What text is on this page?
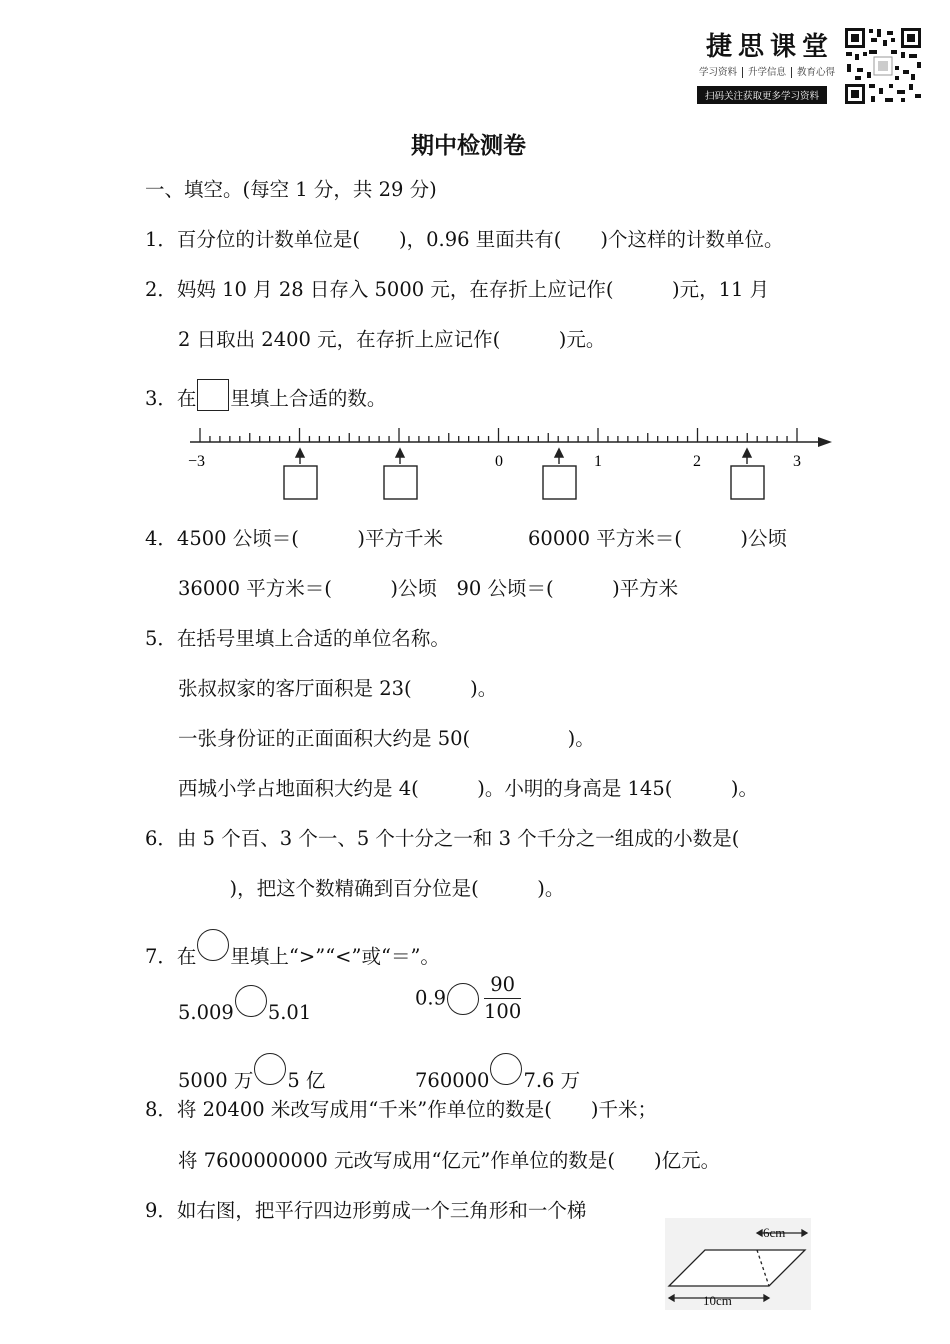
捷思课堂
学习资料 升学信息 教育心得
扫码关注获取更多学习资料
期中检测卷
一、填空。(每空 1 分，共 29 分)
1．百分位的计数单位是(　　)，0.96 里面共有(　　)个这样的计数单位。
2．妈妈 10 月 28 日存入 5000 元，在存折上应记作(　　　)元，11 月
2 日取出 2400 元，在存折上应记作(　　　)元。
3．在 里填上合适的数。
−3	0	1	2	3
4．4500 公顷＝(　　　)平方千米	60000 平方米＝(　　　)公顷
36000 平方米＝(　　　)公顷　90 公顷＝(　　　)平方米
5．在括号里填上合适的单位名称。
张叔叔家的客厅面积是 23(　　　)。
一张身份证的正面面积大约是 50(　　　　　)。
西城小学占地面积大约是 4(　　　)。小明的身高是 145(　　　)。
6．由 5 个百、3 个一、5 个十分之一和 3 个千分之一组成的小数是(
　)，把这个数精确到百分位是(　　　)。
7．在 里填上“>”“<”或“＝”。
5.009 5.01
$0.9 \frac{90}{100}$
5000 万 5 亿	760000 7.6 万
8．将 20400 米改写成用“千米”作单位的数是(　　)千米；
将 7600000000 元改写成用“亿元”作单位的数是(　　)亿元。
9．如右图，把平行四边形剪成一个三角形和一个梯
6cm
10cm
